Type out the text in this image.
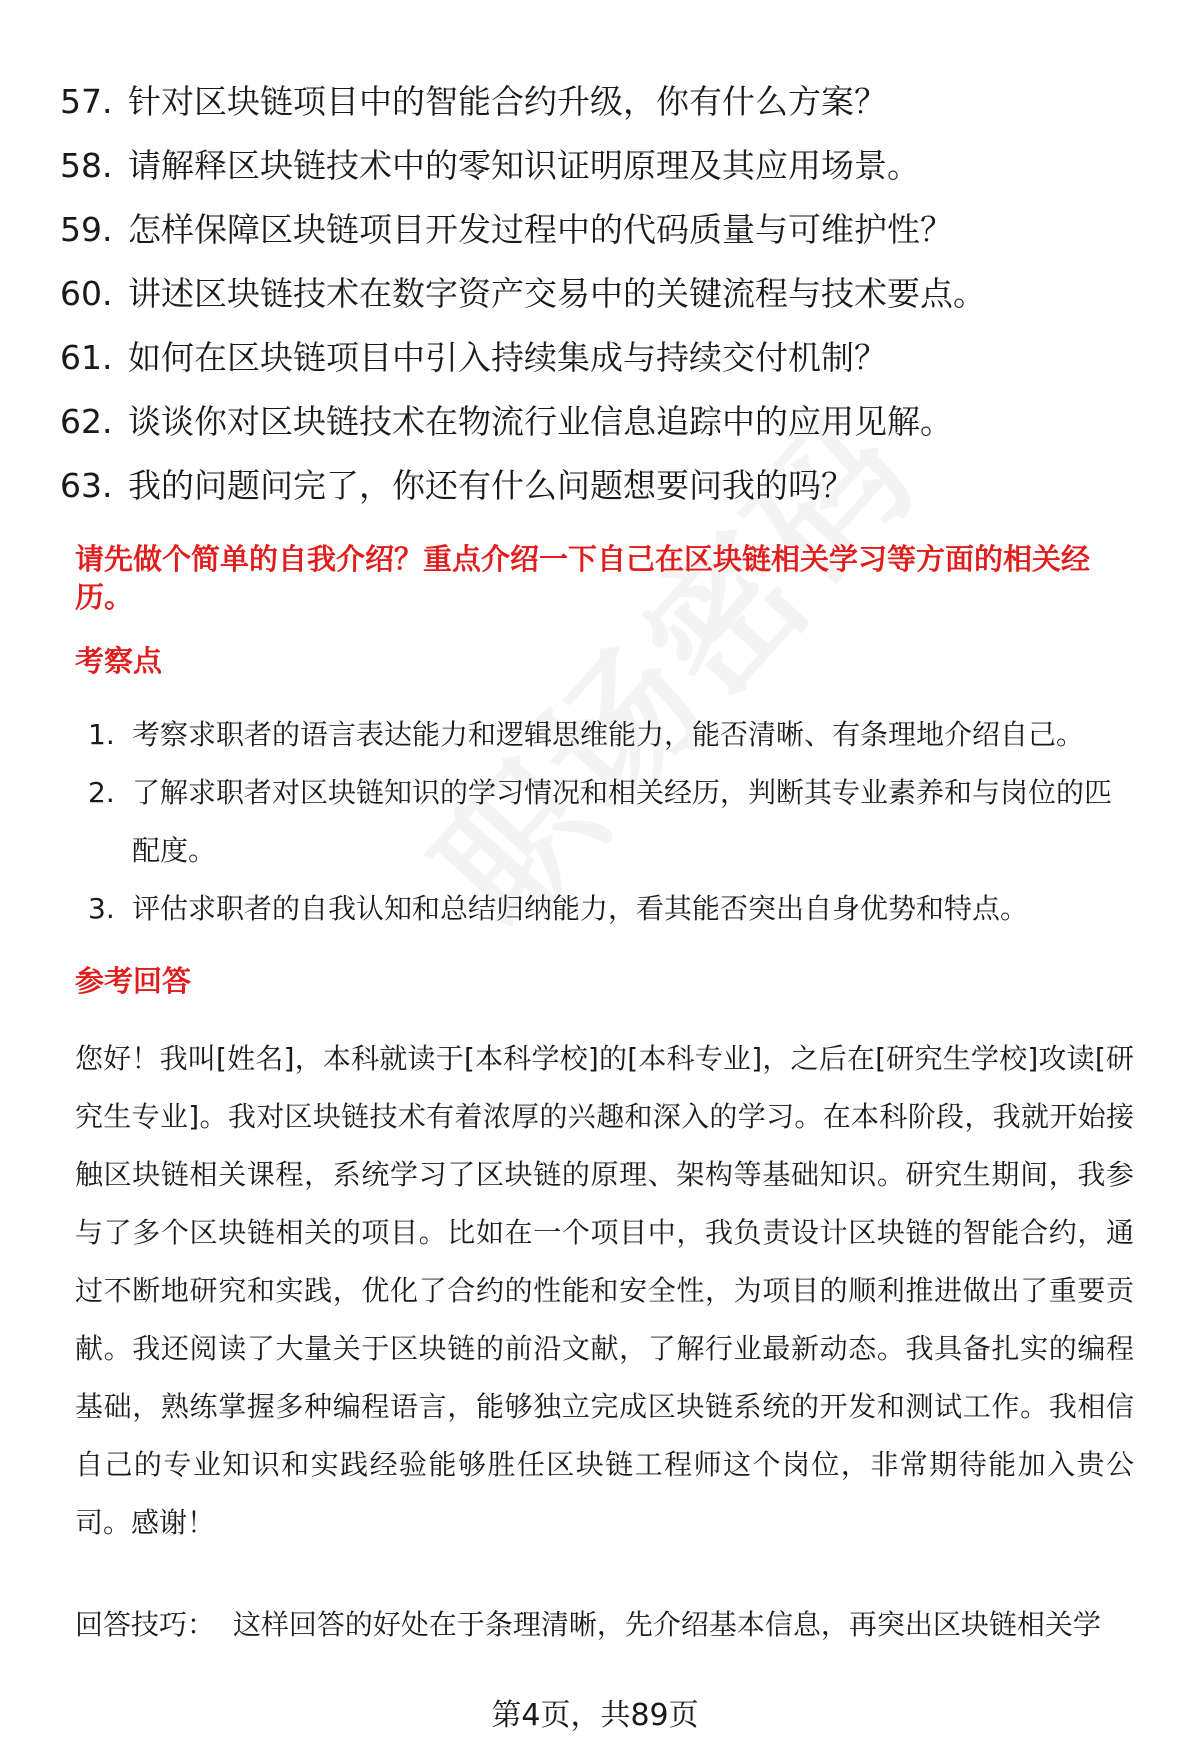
57. 针对区块链项目中的智能合约升级，你有什么方案？
58. 请解释区块链技术中的零知识证明原理及其应用场景。
59. 怎样保障区块链项目开发过程中的代码质量与可维护性？
60. 讲述区块链技术在数字资产交易中的关键流程与技术要点。
61. 如何在区块链项目中引入持续集成与持续交付机制？
62. 谈谈你对区块链技术在物流行业信息追踪中的应用见解。
63. 我的问题问完了，你还有什么问题想要问我的吗？
请先做个简单的自我介绍？重点介绍一下自己在区块链相关学习等方面的相关经历。
考察点
1. 考察求职者的语言表达能力和逻辑思维能力，能否清晰、有条理地介绍自己。
2. 了解求职者对区块链知识的学习情况和相关经历，判断其专业素养和与岗位的匹配度。
3. 评估求职者的自我认知和总结归纳能力，看其能否突出自身优势和特点。
参考回答

您好！我叫[姓名]，本科就读于[本科学校]的[本科专业]，之后在[研究生学校]攻读[研究生专业]。我对区块链技术有着浓厚的兴趣和深入的学习。在本科阶段，我就开始接触区块链相关课程，系统学习了区块链的原理、架构等基础知识。研究生期间，我参与了多个区块链相关的项目。比如在一个项目中，我负责设计区块链的智能合约，通过不断地研究和实践，优化了合约的性能和安全性，为项目的顺利推进做出了重要贡献。我还阅读了大量关于区块链的前沿文献，了解行业最新动态。我具备扎实的编程基础，熟练掌握多种编程语言，能够独立完成区块链系统的开发和测试工作。我相信自己的专业知识和实践经验能够胜任区块链工程师这个岗位，非常期待能加入贵公司。感谢！

回答技巧： 这样回答的好处在于条理清晰，先介绍基本信息，再突出区块链相关学

第4页，共89页
